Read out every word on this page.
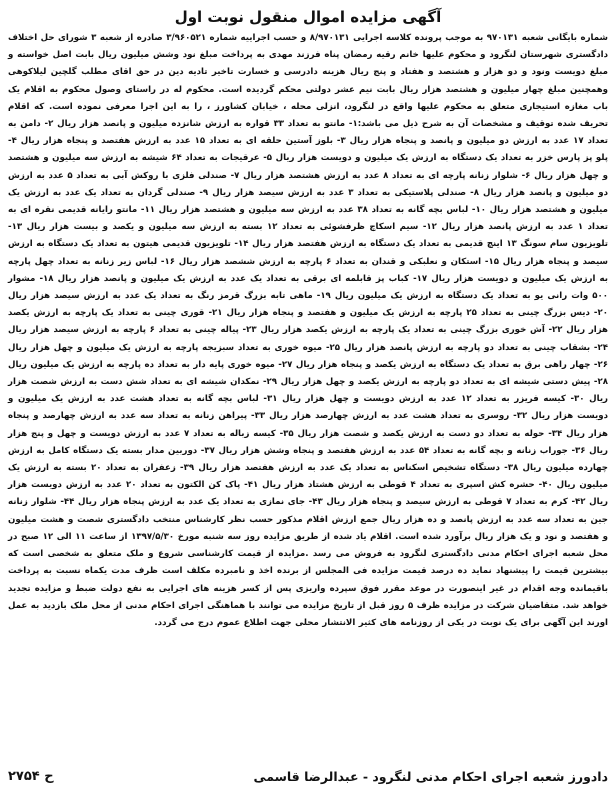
آگهی مزایده اموال منقول نوبت اول
شماره بایگانی شعبه ۹۷۰۱۳۱ به موجب پرونده کلاسه اجرایی ۸/۹۷۰۱۳۱ و حسب اجراییه شماره ۳/۹۶۰۵۲۱ صادره از شعبه ۳ شورای حل اختلاف دادگستری شهرستان لنگرود و محکوم علیها خانم رقیه رمضان پناه فرزند مهدی به پرداخت مبلغ نود وشش میلیون ریال بابت اصل خواسته و مبلغ دویست ونود و دو هزار و هشتصد و هفتاد و پنج ریال هزینه دادرسی و خسارت تاخیر تادیه دین در حق اقای مطلب گلچین لیلاکوهی وهمچنین مبلغ چهار میلیون و هشتصد هزار ریال بابت نیم عشر دولتی محکم گردیده است. محکوم له در راستای وصول محکوم به اقلام یک باب مغازه استیجاری متعلق به محکوم علیها واقع در لنگرود، انزلی محله ، خیابان کشاورز ، را به این اجرا معرفی نموده است. که اقلام تحریف شده توقیف و مشخصات آن به شرح ذیل می باشد:۱- مانتو به تعداد ۳۳ قواره به ارزش شانزده میلیون و پانصد هزار ریال ۲- دامن به تعداد ۱۷ عدد به ارزش دو میلیون و پانصد و پنجاه هزار ریال ۳- بلوز آستین حلقه ای به تعداد ۱۵ عدد به ارزش هفتصد و پنجاه هزار ریال ۴- پلو پز پارس خزر به تعداد یک دستگاه به ارزش یک میلیون و دویست هزار ریال ۵- عرقیجات به تعداد ۶۴ شیشه به ارزش سه میلیون و هشتصد و چهل هزار ریال ۶- شلوار زنانه پارچه ای به تعداد ۸ عدد به ارزش هشتصد هزار ریال ۷- صندلی فلزی با روکش آبی به تعداد ۵ عدد به ارزش دو میلیون و پانصد هزار ریال ۸- صندلی پلاستیکی به تعداد ۳ عدد به ارزش سیصد هزار ریال ۹- صندلی گردان به تعداد یک عدد به ارزش یک میلیون و هشتصد هزار ریال ۱۰- لباس بچه گانه به تعداد ۳۸ عدد به ارزش سه میلیون و هشتصد هزار ریال ۱۱- مانتو رایانه قدیمی نقره ای به تعداد ۱ عدد به ارزش پانصد هزار ریال ۱۲- سیم اسکاچ ظرفشوئی به تعداد ۱۲ بسته به ارزش سه میلیون و یکصد و بیست هزار ریال ۱۳- تلویزیون سام سونگ ۱۳ اینچ قدیمی به تعداد یک دستگاه به ارزش هفتصد هزار ریال ۱۴- تلویزیون قدیمی هیتون به تعداد یک دستگاه به ارزش سیصد و پنجاه هزار ریال ۱۵- استکان و نعلبکی و قندان به تعداد ۶ پارچه به ارزش ششصد هزار ریال ۱۶- لباس زیر زنانه به تعداد چهل پارچه به ارزش یک میلیون و دویست هزار ریال ۱۷- کباب پز قابلمه ای برقی به تعداد یک عدد به ارزش یک میلیون و پانصد هزار ریال ۱۸- مشوار ۵۰۰ وات رانی یو به تعداد یک دستگاه به ارزش یک میلیون ریال ۱۹- ماهی تابه بزرگ قرمز رنگ به تعداد یک عدد به ارزش سیصد هزار ریال ۲۰- دیس بزرگ چینی به تعداد ۲۵ پارچه به ارزش یک میلیون و هفتصد و پنجاه هزار ریال ۲۱- قوری چینی به تعداد یک پارچه به ارزش یکصد هزار ریال ۲۲- آش خوری بزرگ چینی به تعداد یک پارچه به ارزش یکصد هزار ریال ۲۳- پیاله چینی به تعداد ۶ پارچه به ارزش سیصد هزار ریال ۲۴- بشقاب چینی به تعداد دو پارچه به ارزش پانصد هزار ریال ۲۵- میوه خوری به تعداد سبزیجه پارچه به ارزش یک میلیون و چهل هزار ریال ۲۶- چهار راهی برق به تعداد یک دستگاه به ارزش یکصد و پنجاه هزار ریال ۲۷- میوه خوری پایه دار به تعداد ده پارچه به ارزش یک میلیون ریال ۲۸- پیش دستی شیشه ای به تعداد دو پارچه به ارزش یکصد و چهل هزار ریال ۲۹- نمکدان شیشه ای به تعداد شش دست به ارزش شصت هزار ریال ۳۰- کیسه فریزر به تعداد ۱۲ عدد به ارزش دویست و چهل هزار ریال ۳۱- لباس بچه گانه به تعداد هشت عدد به ارزش یک میلیون و دویست هزار ریال ۳۲- روسری به تعداد هشت عدد به ارزش چهارصد هزار ریال ۳۳- پیراهن زنانه به تعداد سه عدد به ارزش چهارصد و پنجاه هزار ریال ۳۴- حوله به تعداد دو دست به ارزش یکصد و شصت هزار ریال ۳۵- کیسه زباله به تعداد ۷ عدد به ارزش دویست و چهل و پنج هزار ریال ۳۶- جوراب زنانه و بچه گانه به تعداد ۵۴ عدد به ارزش هفتصد و پنجاه وشش هزار ریال ۳۷- دوربین مدار بسته یک دستگاه کامل به ارزش چهارده میلیون ریال ۳۸- دستگاه تشخیص اسکناس به تعداد یک عدد به ارزش هفتصد هزار ریال ۳۹- زعفران به تعداد ۲۰ بسته به ارزش یک میلیون ریال ۴۰- حشره کش اسپری به تعداد ۴ قوطی به ارزش هشتاد هزار ریال ۴۱- پاک کن الکتون به تعداد ۲۰ عدد به ارزش دویست هزار ریال ۴۲- کرم به تعداد ۷ قوطی به ارزش سیصد و پنجاه هزار ریال ۴۳- جای نمازی به تعداد یک عدد به ارزش پنجاه هزار ریال ۴۴- شلوار زنانه جین به تعداد سه عدد به ارزش پانصد و ده هزار ریال جمع ارزش اقلام مذکور حسب نظر کارشناس منتخب دادگستری شصت و هشت میلیون و هفتصد و نود و یک هزار ریال برآورد شده است. اقلام یاد شده از طریق مزایده روز سه شنبه مورخ ۱۳۹۷/۵/۳۰ از ساعت ۱۱ الی ۱۲ صبح در محل شعبه اجرای احکام مدنی دادگستری لنگرود به فروش می رسد .مزایده از قیمت کارشناسی شروع و ملک متعلق به شخصی است که بیشترین قیمت را پیشنهاد نماید ده درصد قیمت مزایده فی المجلس از برنده اخذ و نامبرده مکلف است ظرف مدت یکماه نسبت به پرداخت باقیمانده وجه اقدام در غیر اینصورت در موعد مقرر فوق سپرده واریزی پس از کسر هزینه های اجرایی به نفع دولت ضبط و مزایده تجدید خواهد شد. متقاضیان شرکت در مزایده ظرف ۵ روز قبل از تاریخ مزایده می توانند با هماهنگی اجرای احکام مدنی از محل ملک بازدید به عمل اورند این آگهی برای یک نوبت در یکی از روزنامه های کثیر الانتشار محلی جهت اطلاع عموم درج می گردد.
دادورز شعبه اجرای احکام مدنی لنگرود - عبدالرضا قاسمی
ح ۲۷۵۴
